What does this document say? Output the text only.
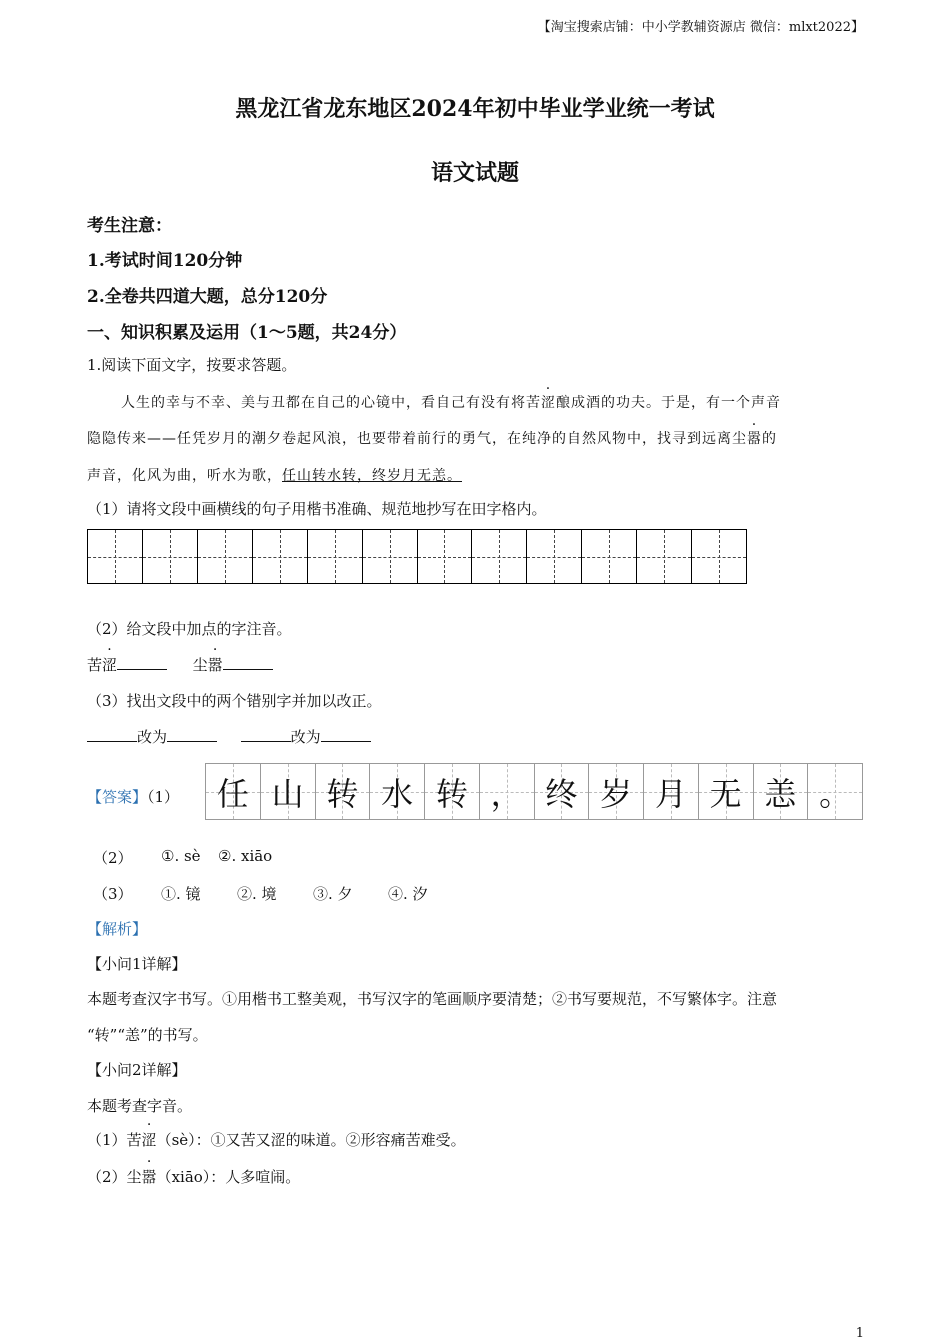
【淘宝搜索店铺：中小学教辅资源店 微信：mlxt2022】
黑龙江省龙东地区2024年初中毕业学业统一考试
语文试题
考生注意：
1.考试时间120分钟
2.全卷共四道大题，总分120分
一、知识积累及运用（1～5题，共24分）
1.阅读下面文字，按要求答题。
人生的幸与不幸、美与丑都在自己的心镜中，看自己有没有将苦涩酿成酒的功夫。于是，有一个声音
隐隐传来——任凭岁月的潮夕卷起风浪，也要带着前行的勇气，在纯净的自然风物中，找寻到远离尘嚣的
声音，化风为曲，听水为歌，任山转水转，终岁月无恙。
（1）请将文段中画横线的句子用楷书准确、规范地抄写在田字格内。
（2）给文段中加点的字注音。
苦涩	尘嚣
（3）找出文段中的两个错别字并加以改正。
改为	改为
【答案】（1） 任 山 转 水 转 ， 终 岁 月 无 恙 。
（2） ①. sè ②. xiāo
（3） ①. 镜 ②. 境 ③. 夕 ④. 汐
【解析】
【小问1详解】
本题考查汉字书写。①用楷书工整美观，书写汉字的笔画顺序要清楚；②书写要规范，不写繁体字。注意
“转”“恙”的书写。
【小问2详解】
本题考查字音。
（1）苦涩（sè）：①又苦又涩的味道。②形容痛苦难受。
（2）尘嚣（xiāo）：人多喧闹。
1
